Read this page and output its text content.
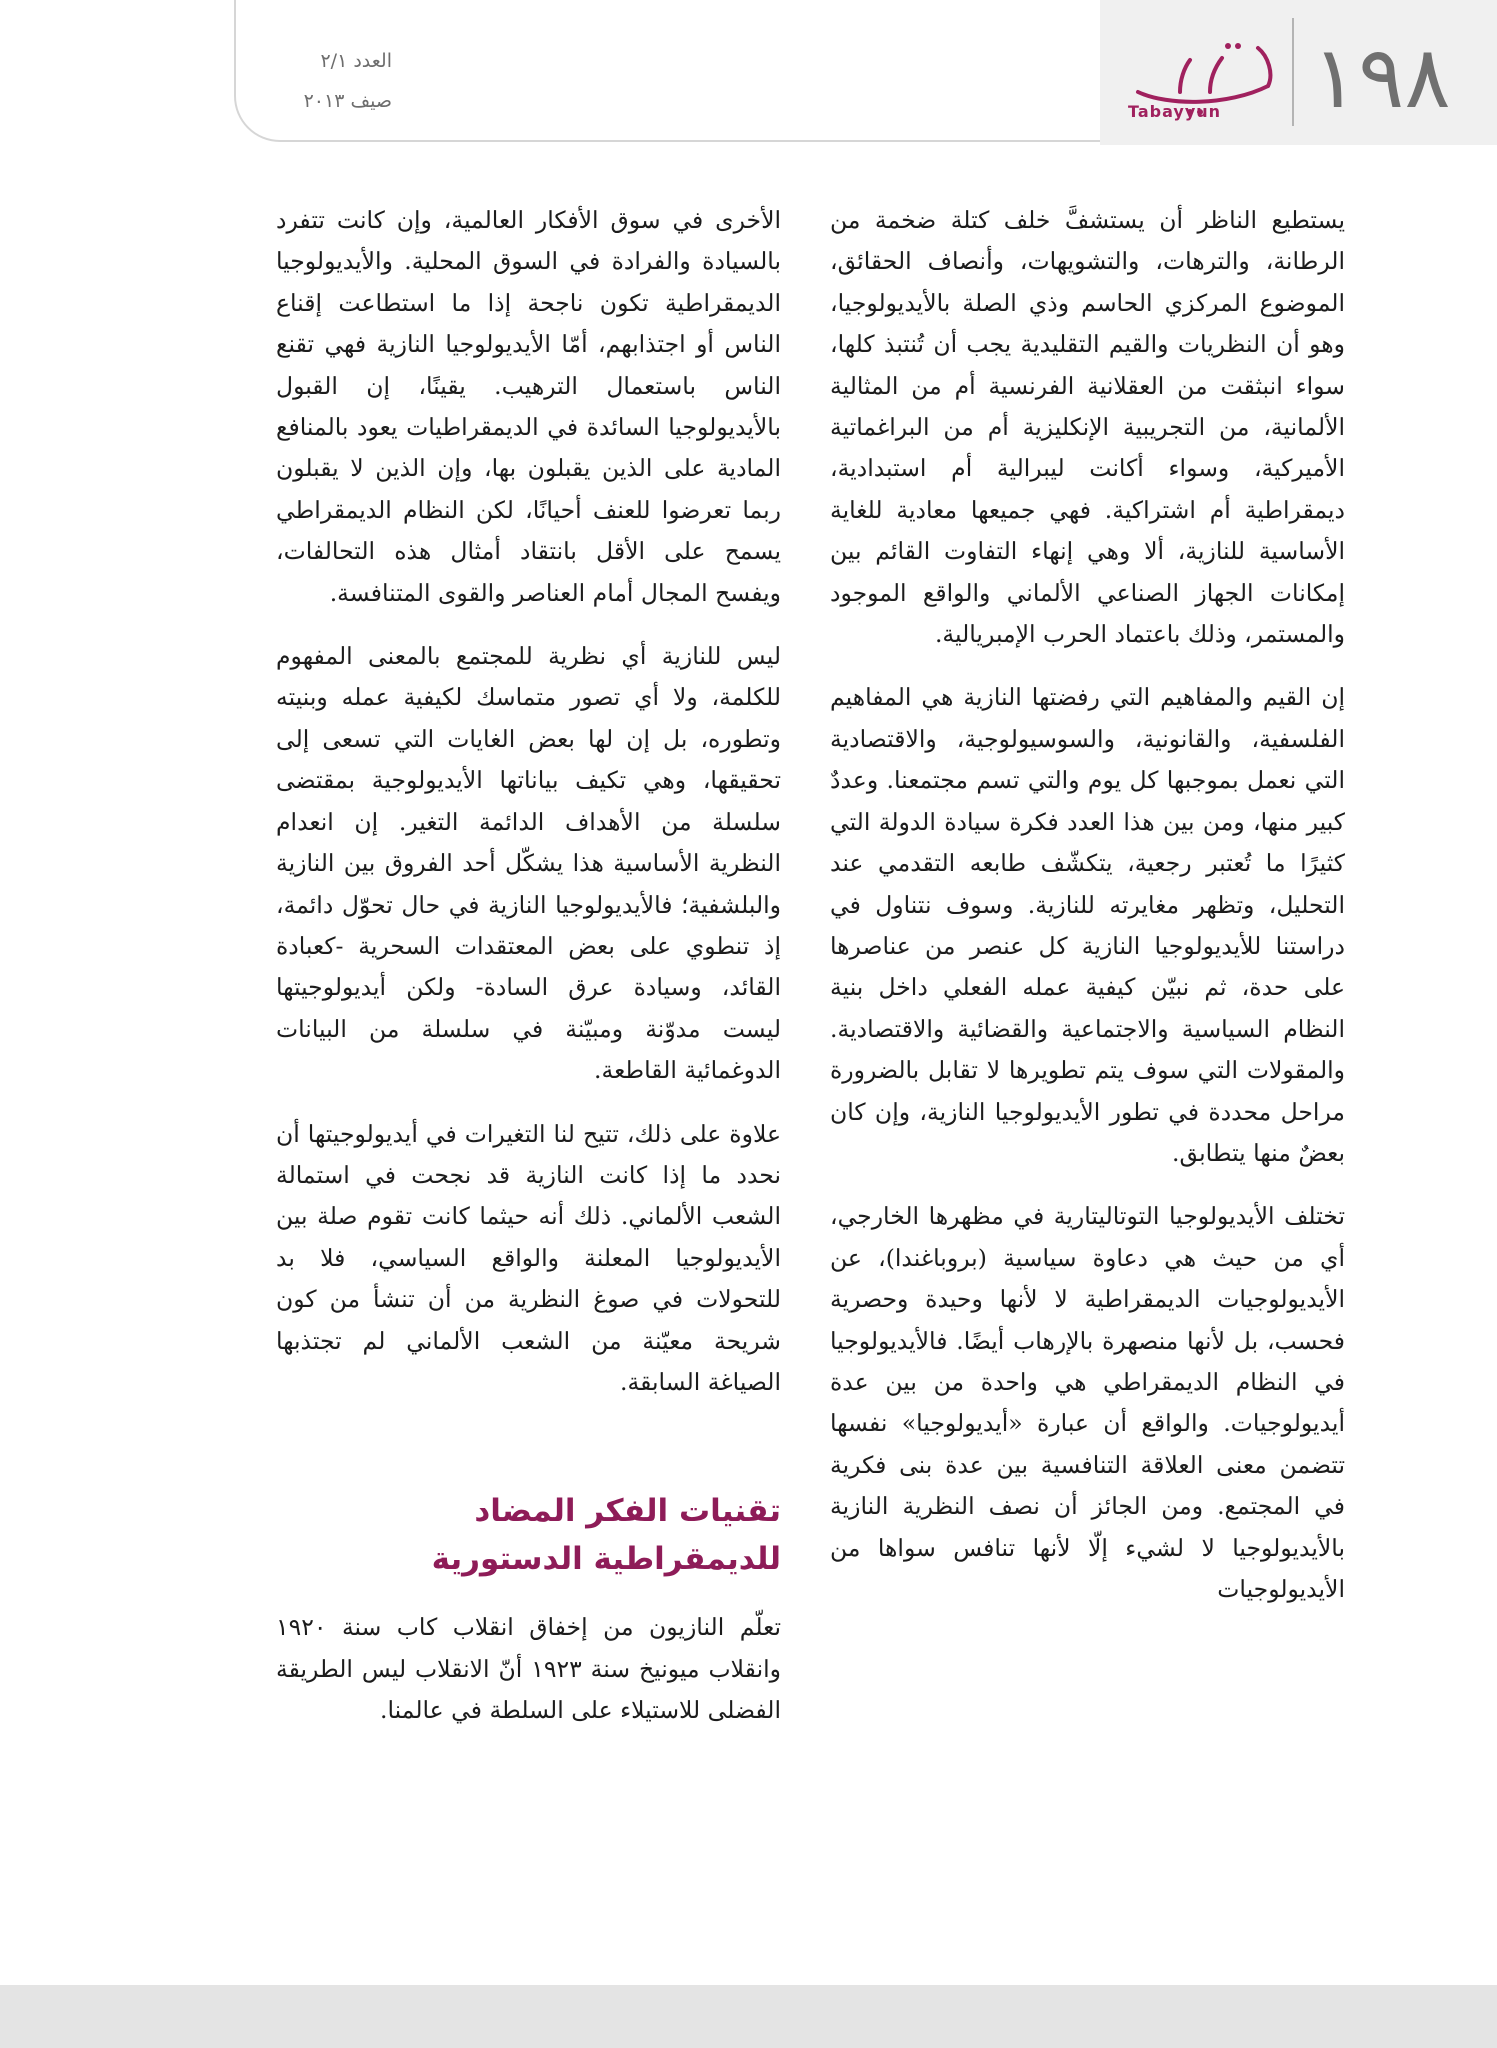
العدد ٢/١
صيف ٢٠١٣	Tabayyun ١٩٨

يستطيع الناظر أن يستشفَّ خلف كتلة ضخمة من الرطانة، والترهات، والتشويهات، وأنصاف الحقائق، الموضوع المركزي الحاسم وذي الصلة بالأيديولوجيا، وهو أن النظريات والقيم التقليدية يجب أن تُنتبذ كلها، سواء انبثقت من العقلانية الفرنسية أم من المثالية الألمانية، من التجريبية الإنكليزية أم من البراغماتية الأميركية، وسواء أكانت ليبرالية أم استبدادية، ديمقراطية أم اشتراكية. فهي جميعها معادية للغاية الأساسية للنازية، ألا وهي إنهاء التفاوت القائم بين إمكانات الجهاز الصناعي الألماني والواقع الموجود والمستمر، وذلك باعتماد الحرب الإمبريالية.

إن القيم والمفاهيم التي رفضتها النازية هي المفاهيم الفلسفية، والقانونية، والسوسيولوجية، والاقتصادية التي نعمل بموجبها كل يوم والتي تسم مجتمعنا. وعددٌ كبير منها، ومن بين هذا العدد فكرة سيادة الدولة التي كثيرًا ما تُعتبر رجعية، يتكشّف طابعه التقدمي عند التحليل، وتظهر مغايرته للنازية. وسوف نتناول في دراستنا للأيديولوجيا النازية كل عنصر من عناصرها على حدة، ثم نبيّن كيفية عمله الفعلي داخل بنية النظام السياسية والاجتماعية والقضائية والاقتصادية. والمقولات التي سوف يتم تطويرها لا تقابل بالضرورة مراحل محددة في تطور الأيديولوجيا النازية، وإن كان بعضٌ منها يتطابق.

تختلف الأيديولوجيا التوتاليتارية في مظهرها الخارجي، أي من حيث هي دعاوة سياسية (بروباغندا)، عن الأيديولوجيات الديمقراطية لا لأنها وحيدة وحصرية فحسب، بل لأنها منصهرة بالإرهاب أيضًا. فالأيديولوجيا في النظام الديمقراطي هي واحدة من بين عدة أيديولوجيات. والواقع أن عبارة «أيديولوجيا» نفسها تتضمن معنى العلاقة التنافسية بين عدة بنى فكرية في المجتمع. ومن الجائز أن نصف النظرية النازية بالأيديولوجيا لا لشيء إلّا لأنها تنافس سواها من الأيديولوجيات

الأخرى في سوق الأفكار العالمية، وإن كانت تتفرد بالسيادة والفرادة في السوق المحلية. والأيديولوجيا الديمقراطية تكون ناجحة إذا ما استطاعت إقناع الناس أو اجتذابهم، أمّا الأيديولوجيا النازية فهي تقنع الناس باستعمال الترهيب. يقينًا، إن القبول بالأيديولوجيا السائدة في الديمقراطيات يعود بالمنافع المادية على الذين يقبلون بها، وإن الذين لا يقبلون ربما تعرضوا للعنف أحيانًا، لكن النظام الديمقراطي يسمح على الأقل بانتقاد أمثال هذه التحالفات، ويفسح المجال أمام العناصر والقوى المتنافسة.

ليس للنازية أي نظرية للمجتمع بالمعنى المفهوم للكلمة، ولا أي تصور متماسك لكيفية عمله وبنيته وتطوره، بل إن لها بعض الغايات التي تسعى إلى تحقيقها، وهي تكيف بياناتها الأيديولوجية بمقتضى سلسلة من الأهداف الدائمة التغير. إن انعدام النظرية الأساسية هذا يشكّل أحد الفروق بين النازية والبلشفية؛ فالأيديولوجيا النازية في حال تحوّل دائمة، إذ تنطوي على بعض المعتقدات السحرية -كعبادة القائد، وسيادة عرق السادة- ولكن أيديولوجيتها ليست مدوّنة ومبيّنة في سلسلة من البيانات الدوغمائية القاطعة.

علاوة على ذلك، تتيح لنا التغيرات في أيديولوجيتها أن نحدد ما إذا كانت النازية قد نجحت في استمالة الشعب الألماني. ذلك أنه حيثما كانت تقوم صلة بين الأيديولوجيا المعلنة والواقع السياسي، فلا بد للتحولات في صوغ النظرية من أن تنشأ من كون شريحة معيّنة من الشعب الألماني لم تجتذبها الصياغة السابقة.

تقنيات الفكر المضاد
للديمقراطية الدستورية

تعلّم النازيون من إخفاق انقلاب كاب سنة ١٩٢٠ وانقلاب ميونيخ سنة ١٩٢٣ أنّ الانقلاب ليس الطريقة الفضلى للاستيلاء على السلطة في عالمنا.
